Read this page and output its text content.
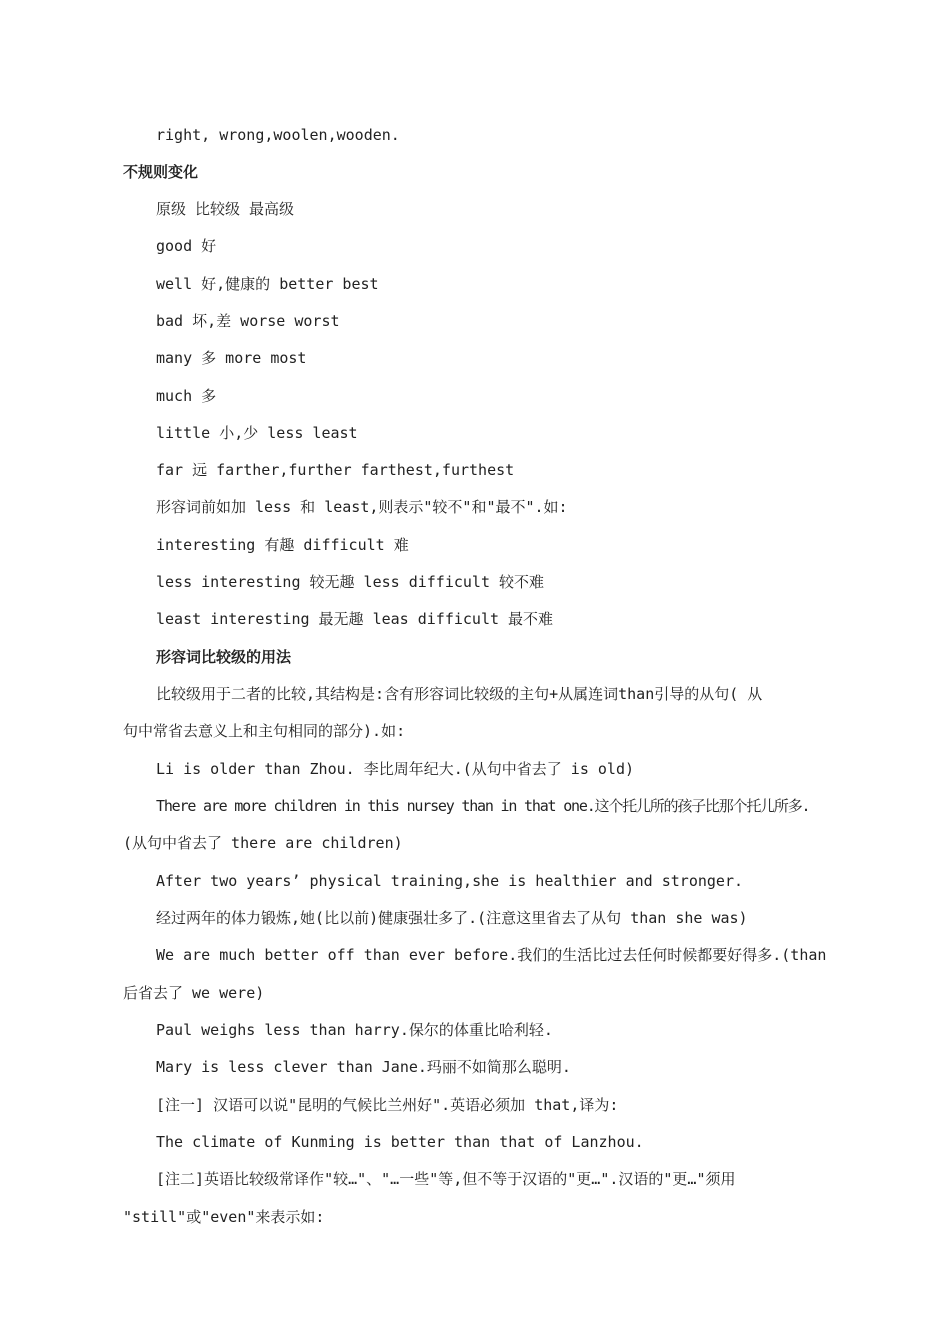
right, wrong,woolen,wooden.
不规则变化
原级 比较级 最高级
good 好
well 好,健康的 better best
bad 坏,差 worse worst
many 多 more most
much 多
little 小,少 less least
far 远 farther,further farthest,furthest
形容词前如加 less 和 least,则表示"较不"和"最不".如:
interesting 有趣 difficult 难
less interesting 较无趣 less difficult 较不难
least interesting 最无趣 leas difficult 最不难
形容词比较级的用法
比较级用于二者的比较,其结构是:含有形容词比较级的主句+从属连词than引导的从句( 从
句中常省去意义上和主句相同的部分).如:
Li is older than Zhou. 李比周年纪大.(从句中省去了 is old)
There are more children in this nursey than in that one.这个托儿所的孩子比那个托儿所多.
(从句中省去了 there are children)
After two years’ physical training,she is healthier and stronger.
经过两年的体力锻炼,她(比以前)健康强壮多了.(注意这里省去了从句 than she was)
We are much better off than ever before.我们的生活比过去任何时候都要好得多.(than
后省去了 we were)
Paul weighs less than harry.保尔的体重比哈利轻.
Mary is less clever than Jane.玛丽不如简那么聪明.
[注一] 汉语可以说"昆明的气候比兰州好".英语必须加 that,译为:
The climate of Kunming is better than that of Lanzhou.
[注二]英语比较级常译作"较…"、"…一些"等,但不等于汉语的"更…".汉语的"更…"须用
"still"或"even"来表示如:
